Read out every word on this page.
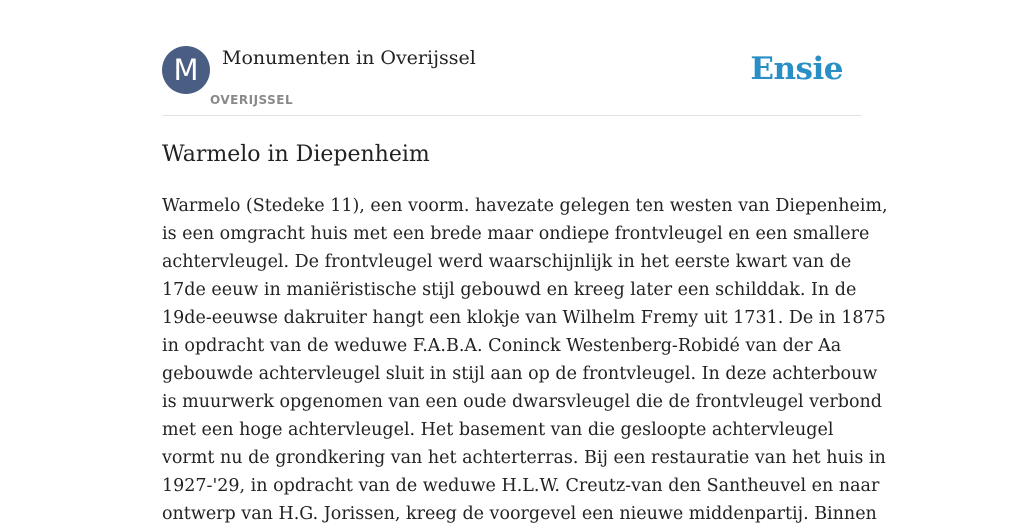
M	Monumenten in Overijssel
OVERIJSSEL
Ensie
Warmelo in Diepenheim
Warmelo (Stedeke 11), een voorm. havezate gelegen ten westen van Diepenheim,
is een omgracht huis met een brede maar ondiepe frontvleugel en een smallere
achtervleugel. De frontvleugel werd waarschijnlijk in het eerste kwart van de
17de eeuw in maniëristische stijl gebouwd en kreeg later een schilddak. In de
19de-eeuwse dakruiter hangt een klokje van Wilhelm Fremy uit 1731. De in 1875
in opdracht van de weduwe F.A.B.A. Coninck Westenberg-Robidé van der Aa
gebouwde achtervleugel sluit in stijl aan op de frontvleugel. In deze achterbouw
is muurwerk opgenomen van een oude dwarsvleugel die de frontvleugel verbond
met een hoge achtervleugel. Het basement van die gesloopte achtervleugel
vormt nu de grondkering van het achterterras. Bij een restauratie van het huis in
1927-'29, in opdracht van de weduwe H.L.W. Creutz-van den Santheuvel en naar
ontwerp van H.G. Jorissen, kreeg de voorgevel een nieuwe middenpartij. Binnen
